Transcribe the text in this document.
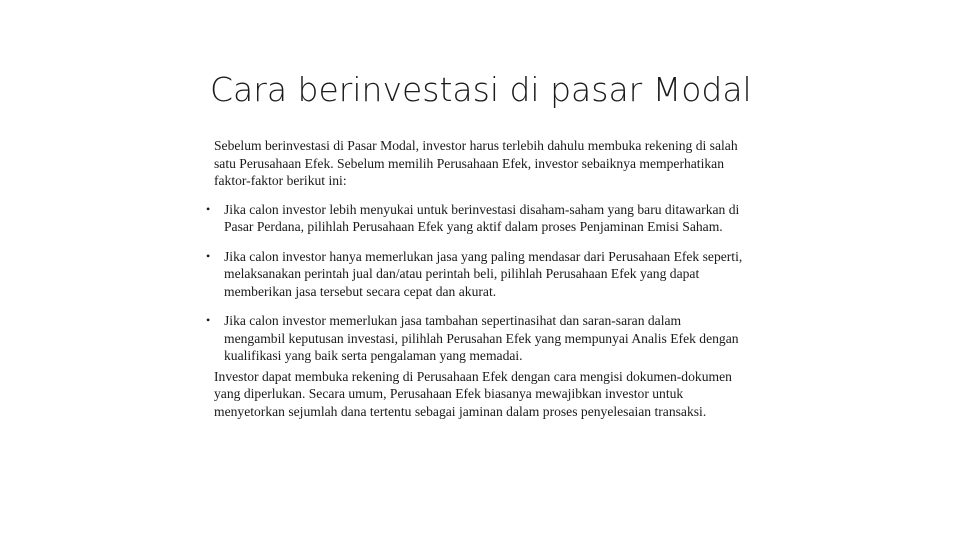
Cara berinvestasi di pasar Modal

Sebelum berinvestasi di Pasar Modal, investor harus terlebih dahulu membuka rekening di salah satu Perusahaan Efek. Sebelum memilih Perusahaan Efek, investor sebaiknya memperhatikan faktor-faktor berikut ini:

• Jika calon investor lebih menyukai untuk berinvestasi disaham-saham yang baru ditawarkan di Pasar Perdana, pilihlah Perusahaan Efek yang aktif dalam proses Penjaminan Emisi Saham.
• Jika calon investor hanya memerlukan jasa yang paling mendasar dari Perusahaan Efek seperti, melaksanakan perintah jual dan/atau perintah beli, pilihlah Perusahaan Efek yang dapat memberikan jasa tersebut secara cepat dan akurat.
• Jika calon investor memerlukan jasa tambahan sepertinasihat dan saran-saran dalam mengambil keputusan investasi, pilihlah Perusahan Efek yang mempunyai Analis Efek dengan kualifikasi yang baik serta pengalaman yang memadai.

Investor dapat membuka rekening di Perusahaan Efek dengan cara mengisi dokumen-dokumen yang diperlukan. Secara umum, Perusahaan Efek biasanya mewajibkan investor untuk menyetorkan sejumlah dana tertentu sebagai jaminan dalam proses penyelesaian transaksi.
